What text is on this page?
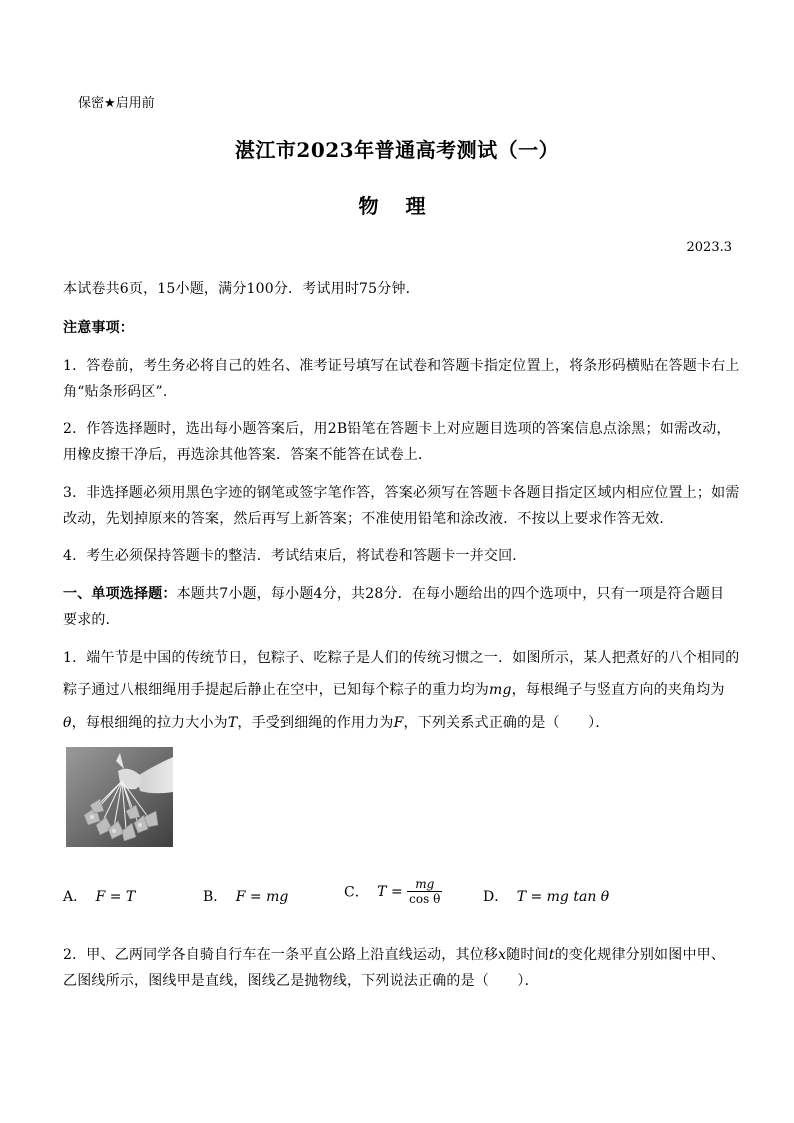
保密★启用前
湛江市2023年普通高考测试（一）
物 理
2023.3
本试卷共6页，15小题，满分100分．考试用时75分钟．
注意事项：
1．答卷前，考生务必将自己的姓名、准考证号填写在试卷和答题卡指定位置上，将条形码横贴在答题卡右上
角“贴条形码区”.
2．作答选择题时，选出每小题答案后，用2B铅笔在答题卡上对应题目选项的答案信息点涂黑；如需改动，
用橡皮擦干净后，再选涂其他答案．答案不能答在试卷上．
3．非选择题必须用黑色字迹的钢笔或签字笔作答，答案必须写在答题卡各题目指定区域内相应位置上；如需
改动，先划掉原来的答案，然后再写上新答案；不准使用铅笔和涂改液．不按以上要求作答无效．
4．考生必须保持答题卡的整洁．考试结束后，将试卷和答题卡一并交回．
一、单项选择题：本题共7小题，每小题4分，共28分．在每小题给出的四个选项中，只有一项是符合题目
要求的．
1．端午节是中国的传统节日，包粽子、吃粽子是人们的传统习惯之一．如图所示，某人把煮好的八个相同的
粽子通过八根细绳用手提起后静止在空中，已知每个粽子的重力均为mg，每根绳子与竖直方向的夹角均为
θ，每根细绳的拉力大小为T，手受到细绳的作用力为F，下列关系式正确的是（　　）．
A． F = T	B． F = mg	C． $T = \frac{mg}{\text{cos θ}}$	D． T = mg tan θ
2．甲、乙两同学各自骑自行车在一条平直公路上沿直线运动，其位移x随时间t的变化规律分别如图中甲、
乙图线所示，图线甲是直线，图线乙是抛物线，下列说法正确的是（　　）．
